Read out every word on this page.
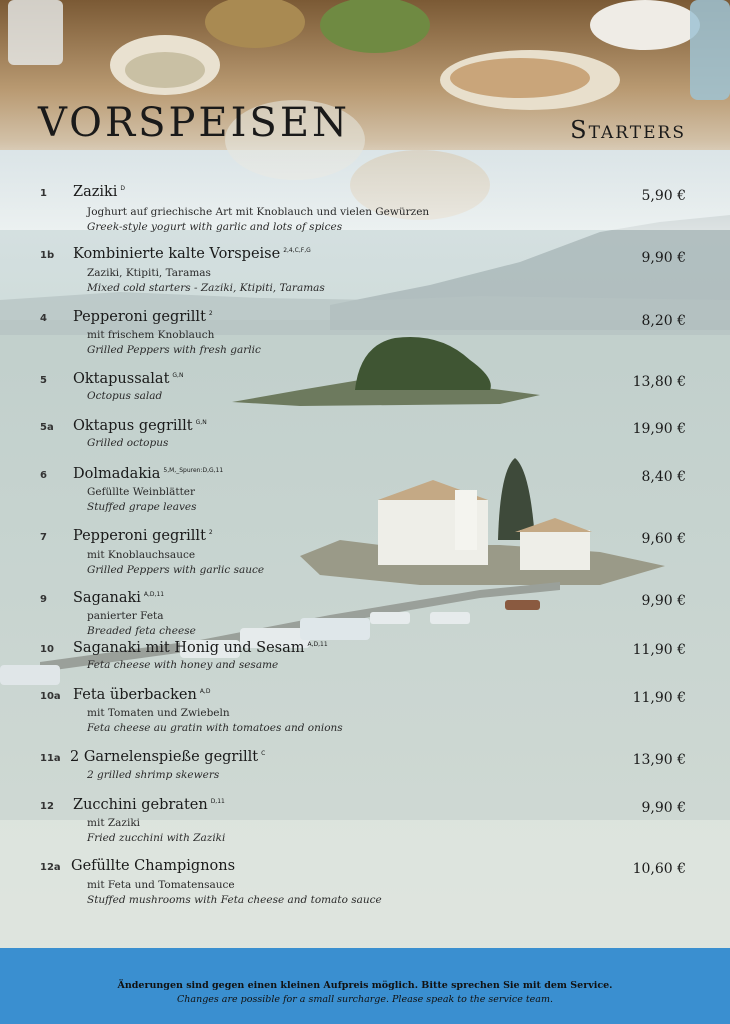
VORSPEISEN	Starters
1 Zaziki $^D$	5,90 €
Joghurt auf griechische Art mit Knoblauch und vielen Gewürzen
Greek-style yogurt with garlic and lots of spices
1b Kombinierte kalte Vorspeise $^{2,4,C,F,G}$	9,90 €
Zaziki, Ktipiti, Taramas
Mixed cold starters - Zaziki, Ktipiti, Taramas
4 Pepperoni gegrillt $^2$	8,20 €
mit frischem Knoblauch
Grilled Peppers with fresh garlic
5 Oktapussalat $^{G,N}$	13,80 €
Octopus salad
5a Oktapus gegrillt $^{G,N}$	19,90 €
Grilled octopus
6 Dolmadakia $^{5,M,\_Spuren:D,G,11}$	8,40 €
Gefüllte Weinblätter
Stuffed grape leaves
7 Pepperoni gegrillt $^2$	9,60 €
mit Knoblauchsauce
Grilled Peppers with garlic sauce
9 Saganaki $^{A,D,11}$	9,90 €
panierter Feta
Breaded feta cheese
10 Saganaki mit Honig und Sesam $^{A,D,11}$	11,90 €
Feta cheese with honey and sesame
10a Feta überbacken $^{A,D}$	11,90 €
mit Tomaten und Zwiebeln
Feta cheese au gratin with tomatoes and onions
11a 2 Garnelenspieße gegrillt $^C$	13,90 €
2 grilled shrimp skewers
12 Zucchini gebraten $^{D,11}$	9,90 €
mit Zaziki
Fried zucchini with Zaziki
12a Gefüllte Champignons	10,60 €
mit Feta und Tomatensauce
Stuffed mushrooms with Feta cheese and tomato sauce
Änderungen sind gegen einen kleinen Aufpreis möglich. Bitte sprechen Sie mit dem Service.
Changes are possible for a small surcharge. Please speak to the service team.
